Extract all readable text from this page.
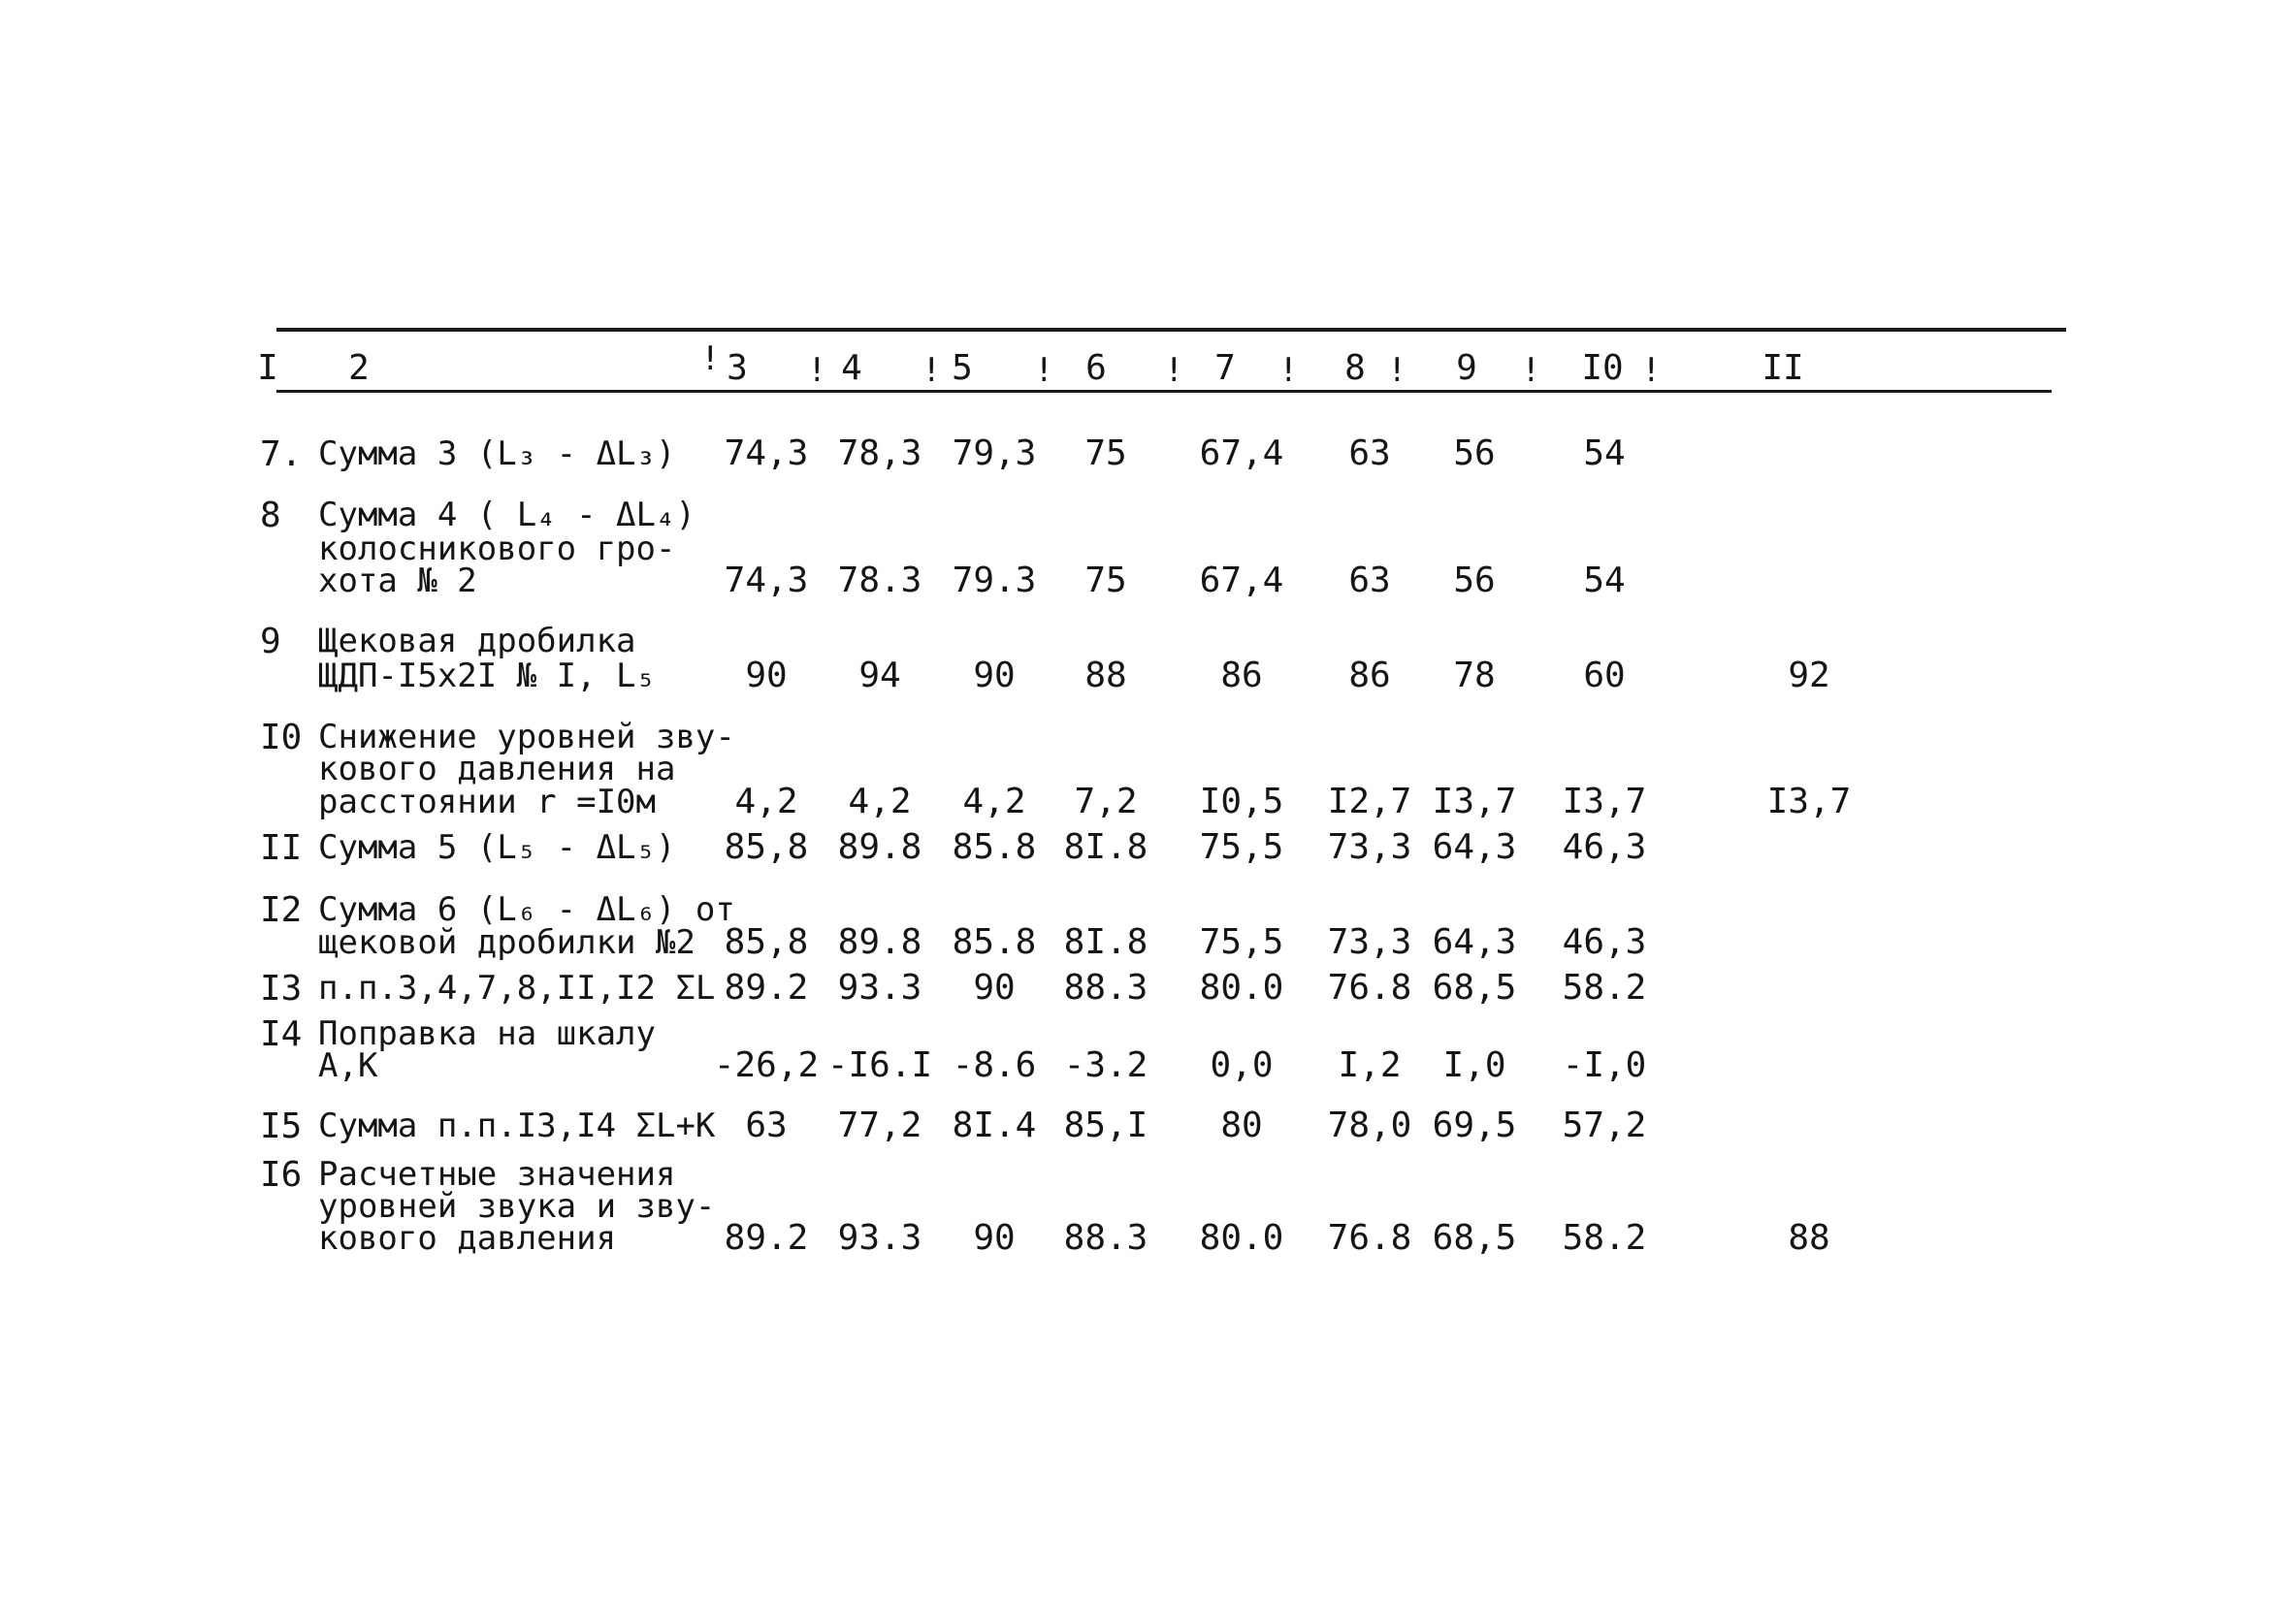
I	2	3	4	5	6	7	8	9	I0	II
!	!	!	!	!	!	!	!	!
7. Сумма 3 (L₃ - ΔL₃)	74,3 78,3 79,3	75	67,4	63	56	54
8 Сумма 4 ( L₄ - ΔL₄)
колосникового гро-
хота № 2	74,3 78.3 79.3	75	67,4	63	56	54
9 Щековая дробилка
ЩДП-I5х2I № I, L₅	90	94	90	88	86	86	78	60	92
I0 Снижение уровней зву-
кового давления на
расстоянии r =I0м	4,2	4,2	4,2	7,2	I0,5	I2,7 I3,7	I3,7	I3,7
II Сумма 5 (L₅ - ΔL₅)	85,8 89.8 85.8 8I.8	75,5	73,3 64,3	46,3
I2 Сумма 6 (L₆ - ΔL₆) от
щековой дробилки №2 85,8 89.8 85.8 8I.8	75,5	73,3 64,3	46,3
I3 п.п.3,4,7,8,II,I2 ΣL 89.2 93.3	90	88.3	80.0	76.8 68,5	58.2
I4 Поправка на шкалу
А,К	-26,2 -I6.I -8.6 -3.2	0,0	I,2	I,0	-I,0
I5 Сумма п.п.I3,I4 ΣL+K 63	77,2 8I.4 85,I	80	78,0 69,5	57,2
I6 Расчетные значения
уровней звука и зву-
кового давления	89.2 93.3	90	88.3	80.0	76.8 68,5	58.2	88
